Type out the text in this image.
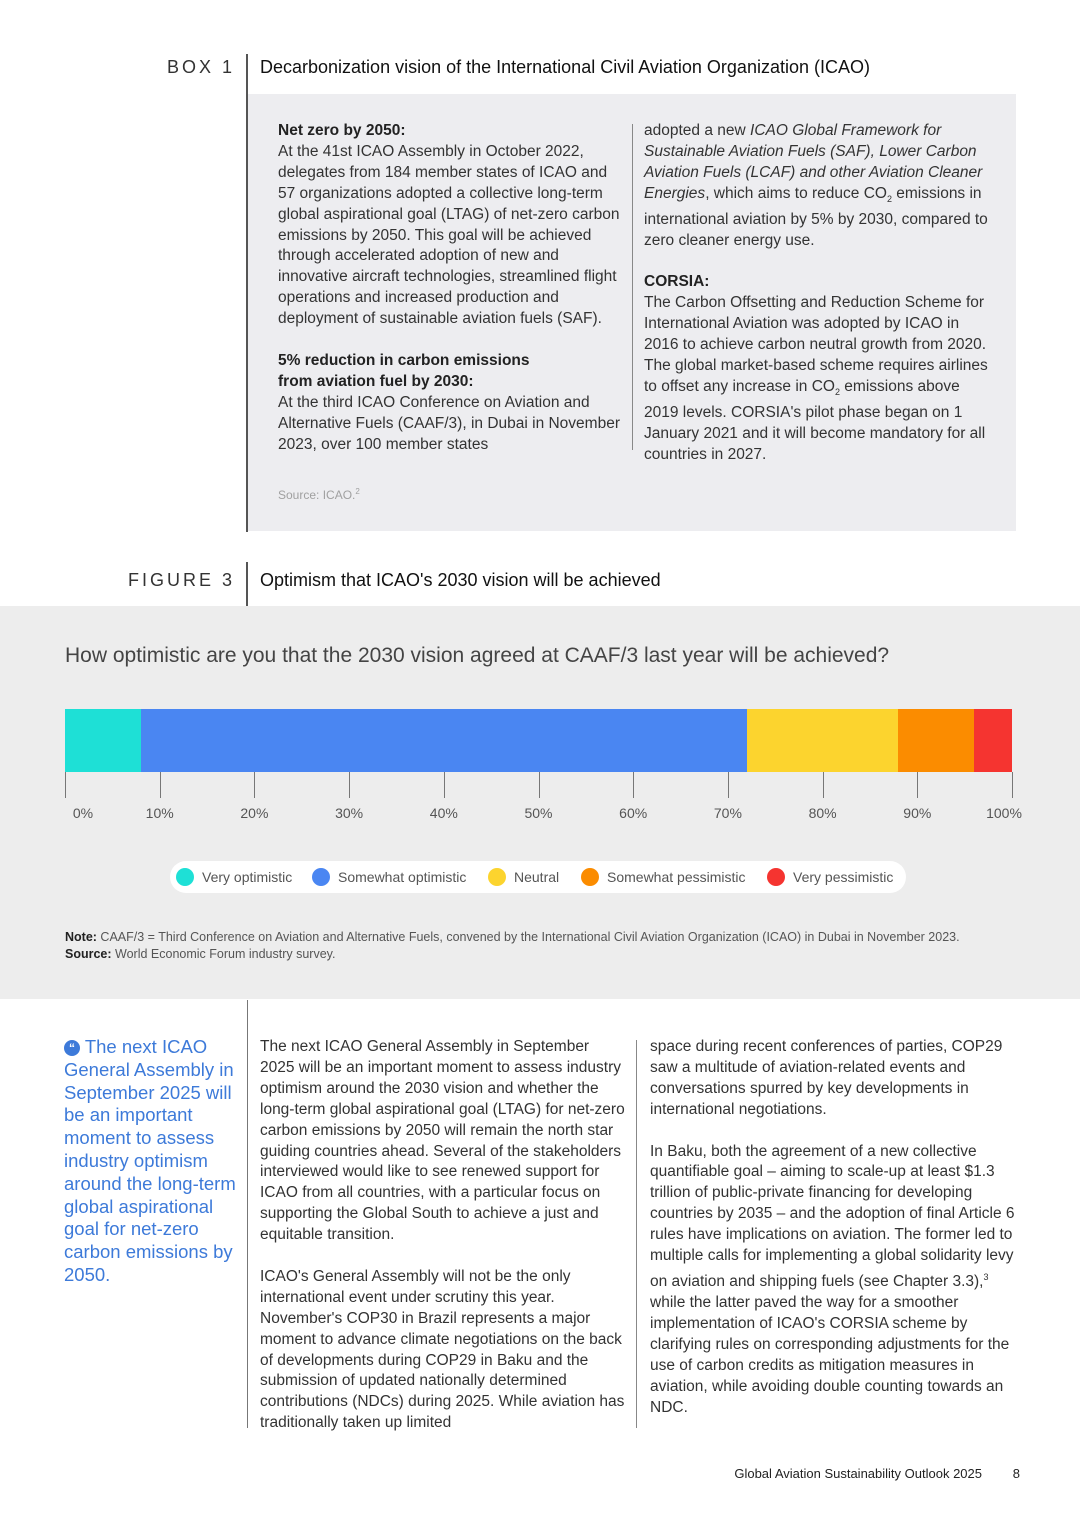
BOX 1 Decarbonization vision of the International Civil Aviation Organization (ICAO)

Net zero by 2050:
At the 41st ICAO Assembly in October 2022, delegates from 184 member states of ICAO and 57 organizations adopted a collective long-term global aspirational goal (LTAG) of net-zero carbon emissions by 2050. This goal will be achieved through accelerated adoption of new and innovative aircraft technologies, streamlined flight operations and increased production and deployment of sustainable aviation fuels (SAF).

5% reduction in carbon emissions
from aviation fuel by 2030:
At the third ICAO Conference on Aviation and Alternative Fuels (CAAF/3), in Dubai in November 2023, over 100 member states

adopted a new ICAO Global Framework for Sustainable Aviation Fuels (SAF), Lower Carbon Aviation Fuels (LCAF) and other Aviation Cleaner Energies, which aims to reduce $CO_2$ emissions in international aviation by 5% by 2030, compared to zero cleaner energy use.

CORSIA:
The Carbon Offsetting and Reduction Scheme for International Aviation was adopted by ICAO in 2016 to achieve carbon neutral growth from 2020. The global market-based scheme requires airlines to offset any increase in $CO_2$ emissions above 2019 levels. CORSIA's pilot phase began on 1 January 2021 and it will become mandatory for all countries in 2027.

Source: ICAO.$^2$
FIGURE 3 Optimism that ICAO's 2030 vision will be achieved
How optimistic are you that the 2030 vision agreed at CAAF/3 last year will be achieved?
0%	10%	20%	30%	40%	50%	60%	70%	80%	90%	100%
Very optimistic	Somewhat optimistic	Neutral	Somewhat pessimistic	Very pessimistic
Note: CAAF/3 = Third Conference on Aviation and Alternative Fuels, convened by the International Civil Aviation Organization (ICAO) in Dubai in November 2023.
Source: World Economic Forum industry survey.
“ The next ICAO General Assembly in September 2025 will be an important moment to assess industry optimism around the long-term global aspirational goal for net-zero carbon emissions by 2050.

The next ICAO General Assembly in September 2025 will be an important moment to assess industry optimism around the 2030 vision and whether the long-term global aspirational goal (LTAG) for net-zero carbon emissions by 2050 will remain the north star guiding countries ahead. Several of the stakeholders interviewed would like to see renewed support for ICAO from all countries, with a particular focus on supporting the Global South to achieve a just and equitable transition.

ICAO's General Assembly will not be the only international event under scrutiny this year. November's COP30 in Brazil represents a major moment to advance climate negotiations on the back of developments during COP29 in Baku and the submission of updated nationally determined contributions (NDCs) during 2025. While aviation has traditionally taken up limited

space during recent conferences of parties, COP29 saw a multitude of aviation-related events and conversations spurred by key developments in international negotiations.

In Baku, both the agreement of a new collective quantifiable goal – aiming to scale-up at least $1.3 trillion of public-private financing for developing countries by 2035 – and the adoption of final Article 6 rules have implications on aviation. The former led to multiple calls for implementing a global solidarity levy on aviation and shipping fuels (see Chapter 3.3),$^3$ while the latter paved the way for a smoother implementation of ICAO's CORSIA scheme by clarifying rules on corresponding adjustments for the use of carbon credits as mitigation measures in aviation, while avoiding double counting towards an NDC.

Global Aviation Sustainability Outlook 2025	8
